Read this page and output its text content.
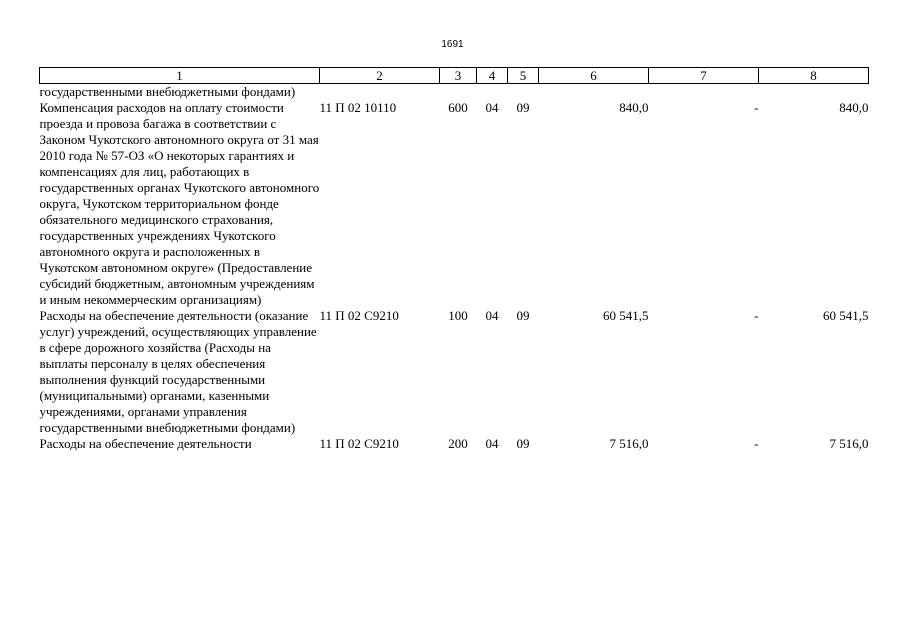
1691
1	2	3	4	5	6	7	8
государственными внебюджетными фондами)							
Компенсация расходов на оплату стоимости проезда и провоза багажа в соответствии с Законом Чукотского автономного округа от 31 мая 2010 года № 57-ОЗ «О некоторых гарантиях и компенсациях для лиц, работающих в государственных органах Чукотского автономного округа, Чукотском территориальном фонде обязательного медицинского страхования, государственных учреждениях Чукотского автономного округа и расположенных в Чукотском автономном округе» (Предоставление субсидий бюджетным, автономным учреждениям и иным некоммерческим организациям)	11 П 02 10110	600	04	09	840,0	-	840,0
Расходы на обеспечение деятельности (оказание услуг) учреждений, осуществляющих управление в сфере дорожного хозяйства (Расходы на выплаты персоналу в целях обеспечения выполнения функций государственными (муниципальными) органами, казенными учреждениями, органами управления государственными внебюджетными фондами)	11 П 02 С9210	100	04	09	60 541,5	-	60 541,5
Расходы на обеспечение деятельности	11 П 02 С9210	200	04	09	7 516,0	-	7 516,0
